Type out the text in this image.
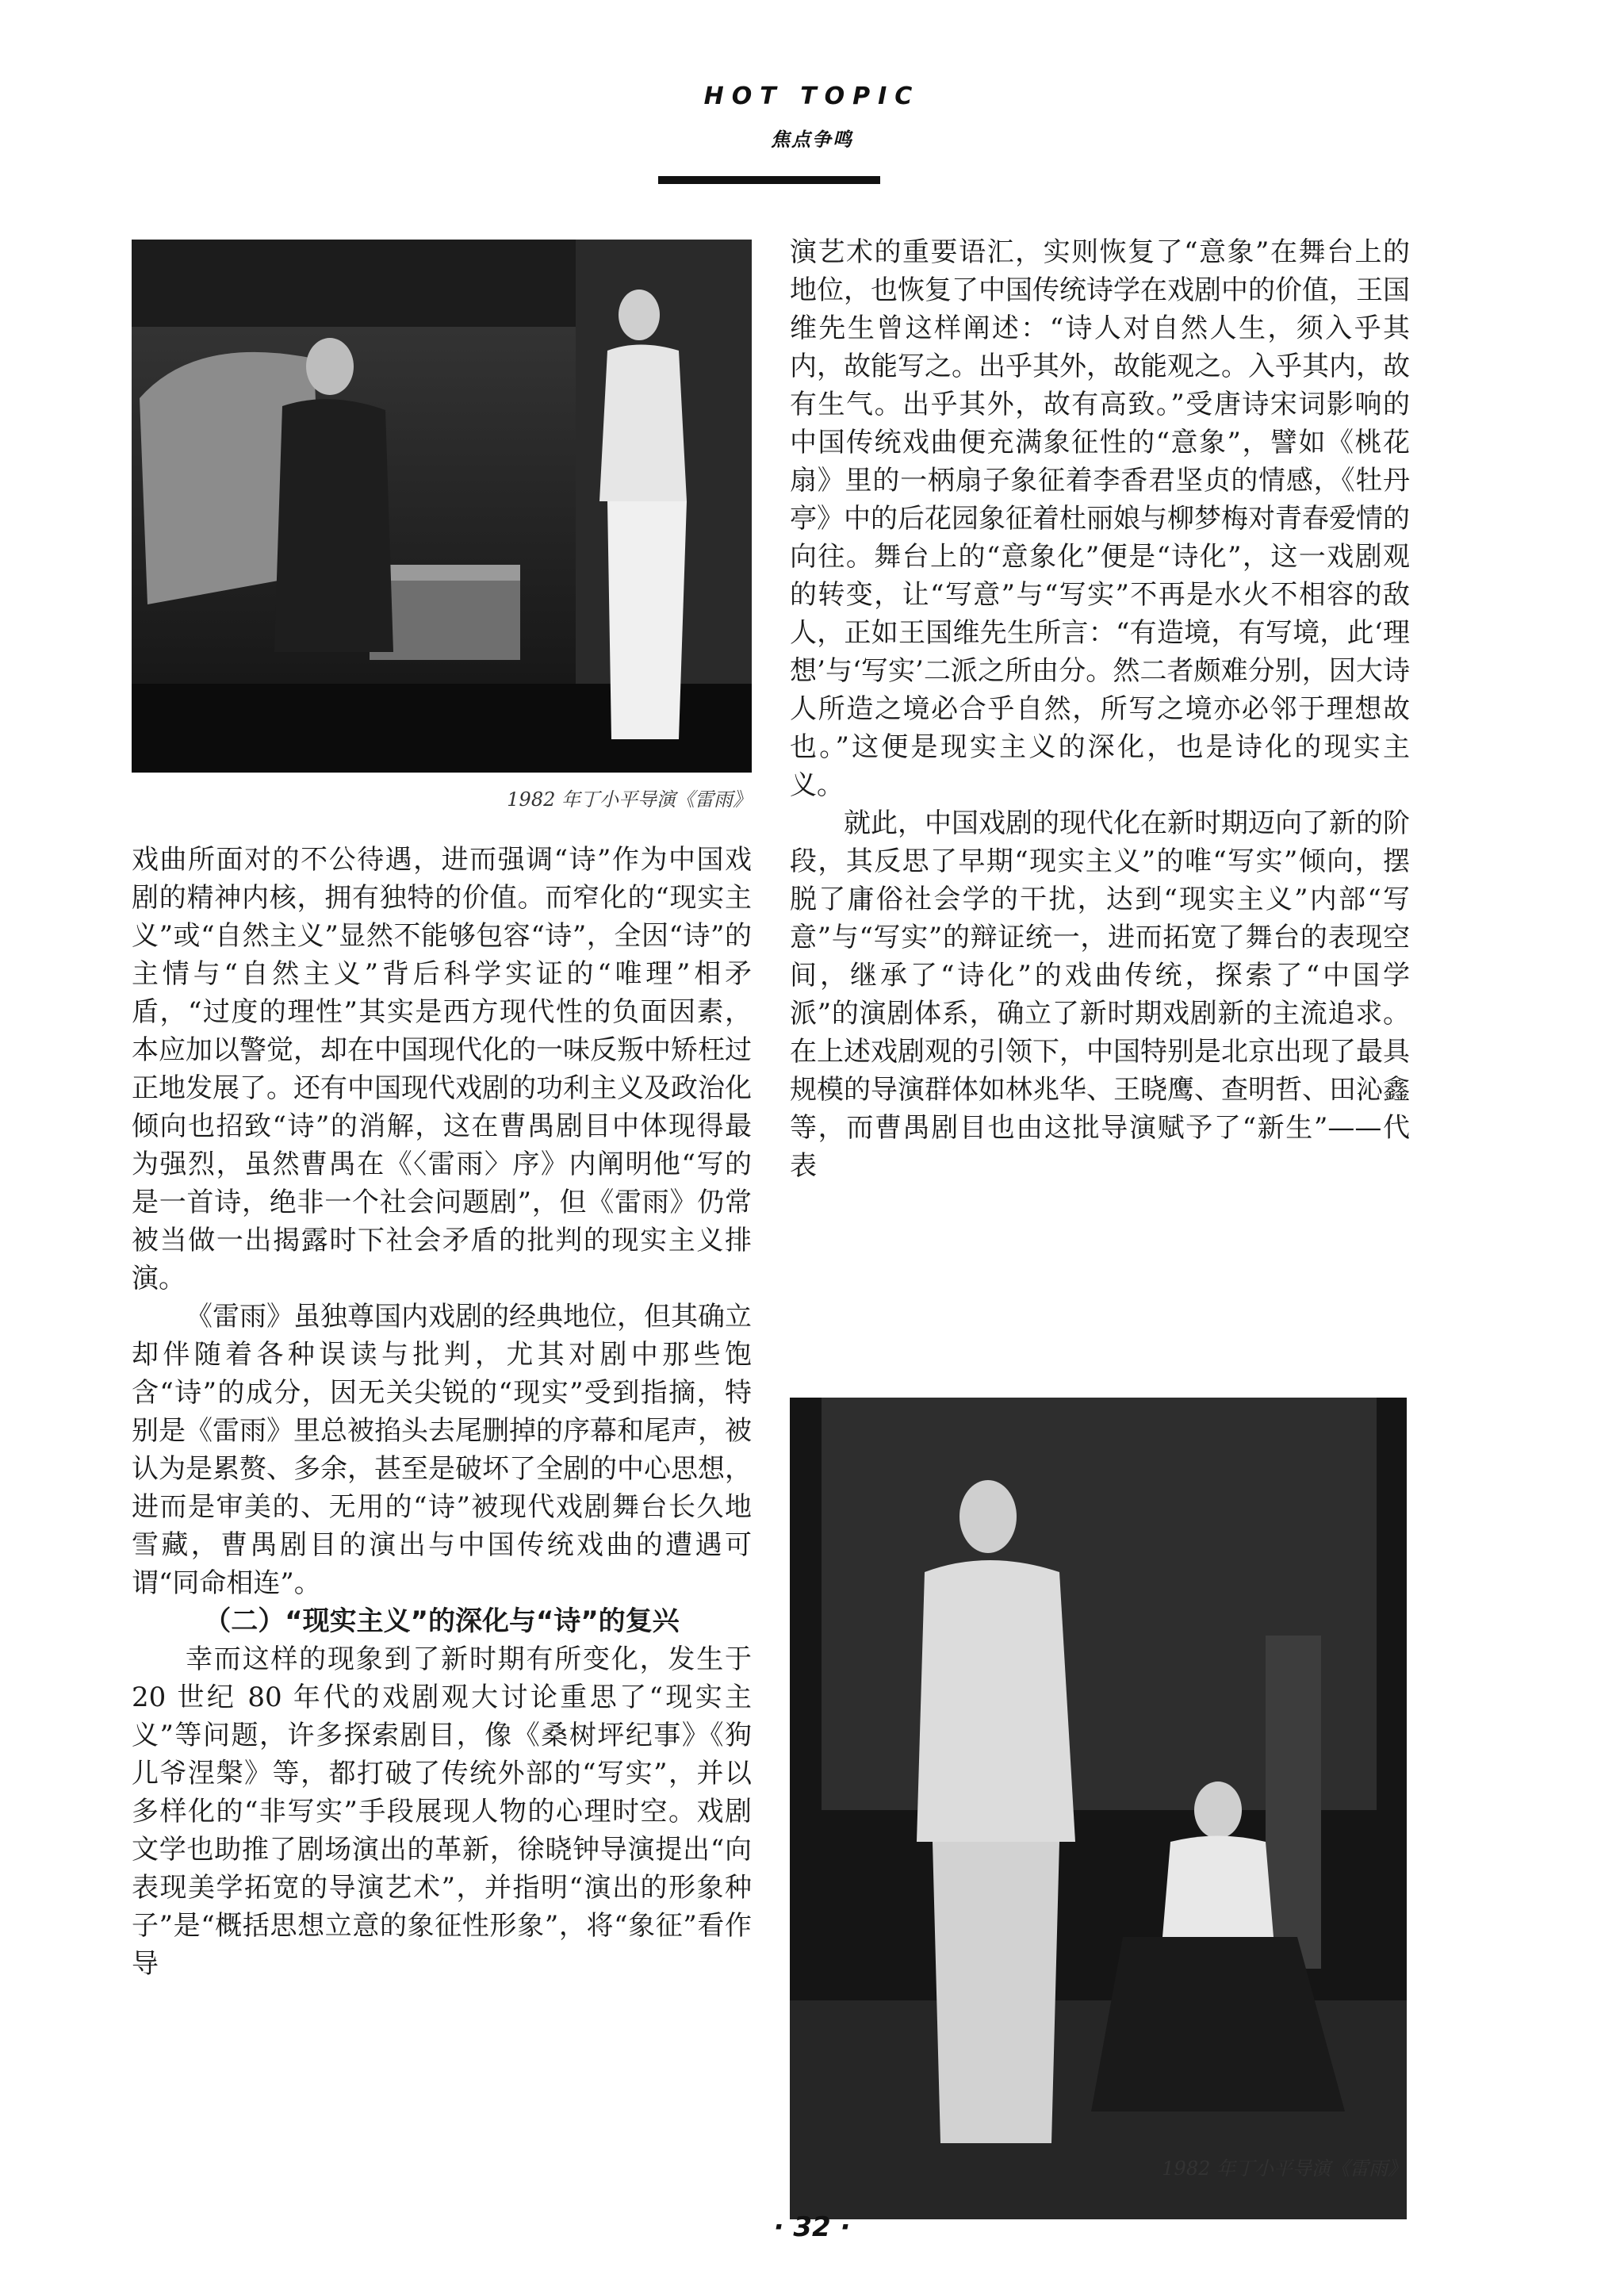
HOT TOPIC
焦点争鸣
1982 年丁小平导演《雷雨》

戏曲所面对的不公待遇，进而强调“诗”作为中国戏剧的精神内核，拥有独特的价值。而窄化的“现实主义”或“自然主义”显然不能够包容“诗”，全因“诗”的主情与“自然主义”背后科学实证的“唯理”相矛盾，“过度的理性”其实是西方现代性的负面因素，本应加以警觉，却在中国现代化的一味反叛中矫枉过正地发展了。还有中国现代戏剧的功利主义及政治化倾向也招致“诗”的消解，这在曹禺剧目中体现得最为强烈，虽然曹禺在《〈雷雨〉序》内阐明他“写的是一首诗，绝非一个社会问题剧”，但《雷雨》仍常被当做一出揭露时下社会矛盾的批判的现实主义排演。

《雷雨》虽独尊国内戏剧的经典地位，但其确立却伴随着各种误读与批判，尤其对剧中那些饱含“诗”的成分，因无关尖锐的“现实”受到指摘，特别是《雷雨》里总被掐头去尾删掉的序幕和尾声，被认为是累赘、多余，甚至是破坏了全剧的中心思想，进而是审美的、无用的“诗”被现代戏剧舞台长久地雪藏，曹禺剧目的演出与中国传统戏曲的遭遇可谓“同命相连”。

（二）“现实主义”的深化与“诗”的复兴

幸而这样的现象到了新时期有所变化，发生于 20 世纪 80 年代的戏剧观大讨论重思了“现实主义”等问题，许多探索剧目，像《桑树坪纪事》《狗儿爷涅槃》等，都打破了传统外部的“写实”，并以多样化的“非写实”手段展现人物的心理时空。戏剧文学也助推了剧场演出的革新，徐晓钟导演提出“向表现美学拓宽的导演艺术”，并指明“演出的形象种子”是“概括思想立意的象征性形象”，将“象征”看作导

演艺术的重要语汇，实则恢复了“意象”在舞台上的地位，也恢复了中国传统诗学在戏剧中的价值，王国维先生曾这样阐述：“诗人对自然人生，须入乎其内，故能写之。出乎其外，故能观之。入乎其内，故有生气。出乎其外，故有高致。”受唐诗宋词影响的中国传统戏曲便充满象征性的“意象”，譬如《桃花扇》里的一柄扇子象征着李香君坚贞的情感，《牡丹亭》中的后花园象征着杜丽娘与柳梦梅对青春爱情的向往。舞台上的“意象化”便是“诗化”，这一戏剧观的转变，让“写意”与“写实”不再是水火不相容的敌人，正如王国维先生所言：“有造境，有写境，此‘理想’与‘写实’二派之所由分。然二者颇难分别，因大诗人所造之境必合乎自然，所写之境亦必邻于理想故也。”这便是现实主义的深化，也是诗化的现实主义。

就此，中国戏剧的现代化在新时期迈向了新的阶段，其反思了早期“现实主义”的唯“写实”倾向，摆脱了庸俗社会学的干扰，达到“现实主义”内部“写意”与“写实”的辩证统一，进而拓宽了舞台的表现空间，继承了“诗化”的戏曲传统，探索了“中国学派”的演剧体系，确立了新时期戏剧新的主流追求。在上述戏剧观的引领下，中国特别是北京出现了最具规模的导演群体如林兆华、王晓鹰、查明哲、田沁鑫等，而曹禺剧目也由这批导演赋予了“新生”——代表

1982 年丁小平导演《雷雨》
· 32 ·
